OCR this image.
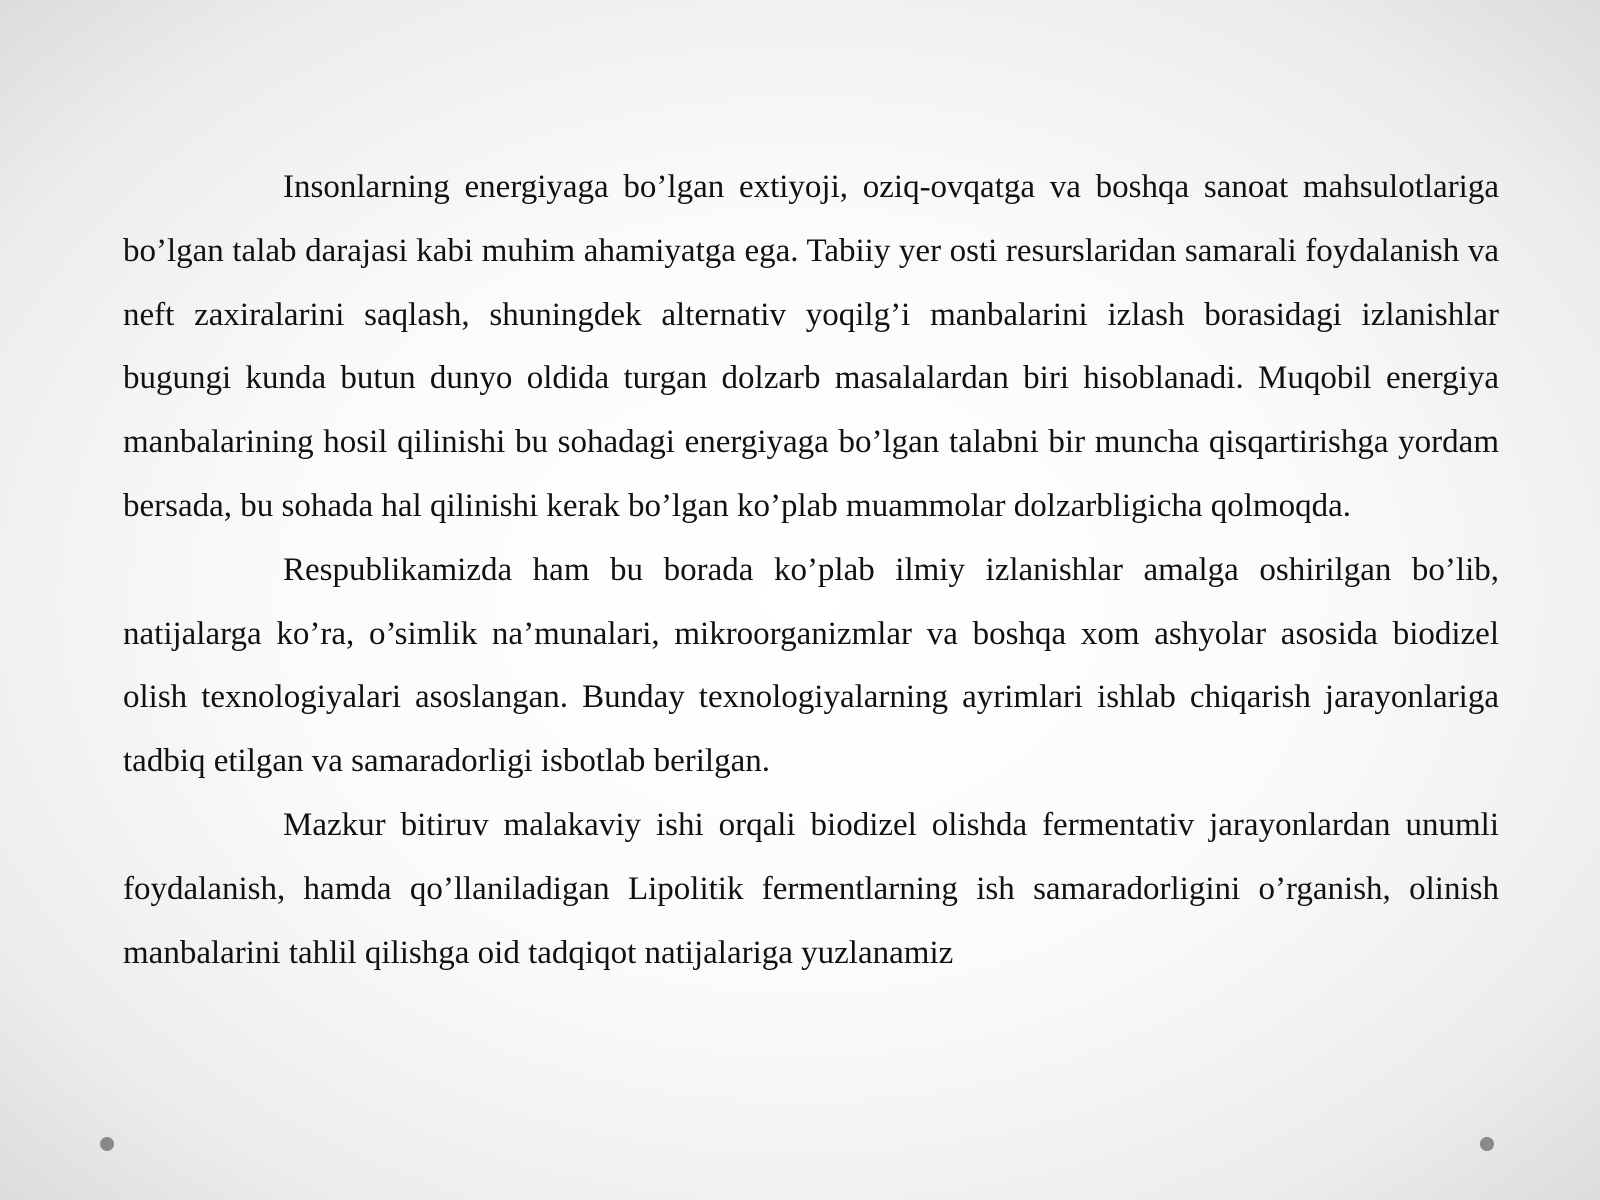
Insonlarning energiyaga bo’lgan extiyoji, oziq-ovqatga va boshqa sanoat mahsulotlariga bo’lgan talab darajasi kabi muhim ahamiyatga ega. Tabiiy yer osti resurslaridan samarali foydalanish va neft zaxiralarini saqlash, shuningdek alternativ yoqilg’i manbalarini izlash borasidagi izlanishlar bugungi kunda butun dunyo oldida turgan dolzarb masalalardan biri hisoblanadi. Muqobil energiya manbalarining hosil qilinishi bu sohadagi energiyaga bo’lgan talabni bir muncha qisqartirishga yordam bersada, bu sohada hal qilinishi kerak bo’lgan ko’plab muammolar dolzarbligicha qolmoqda.

Respublikamizda ham bu borada ko’plab ilmiy izlanishlar amalga oshirilgan bo’lib, natijalarga ko’ra, o’simlik na’munalari, mikroorganizmlar va boshqa xom ashyolar asosida biodizel olish texnologiyalari asoslangan. Bunday texnologiyalarning ayrimlari ishlab chiqarish jarayonlariga tadbiq etilgan va samaradorligi isbotlab berilgan.

Mazkur bitiruv malakaviy ishi orqali biodizel olishda fermentativ jarayonlardan unumli foydalanish, hamda qo’llaniladigan Lipolitik fermentlarning ish samaradorligini o’rganish, olinish manbalarini tahlil qilishga oid tadqiqot natijalariga yuzlanamiz
